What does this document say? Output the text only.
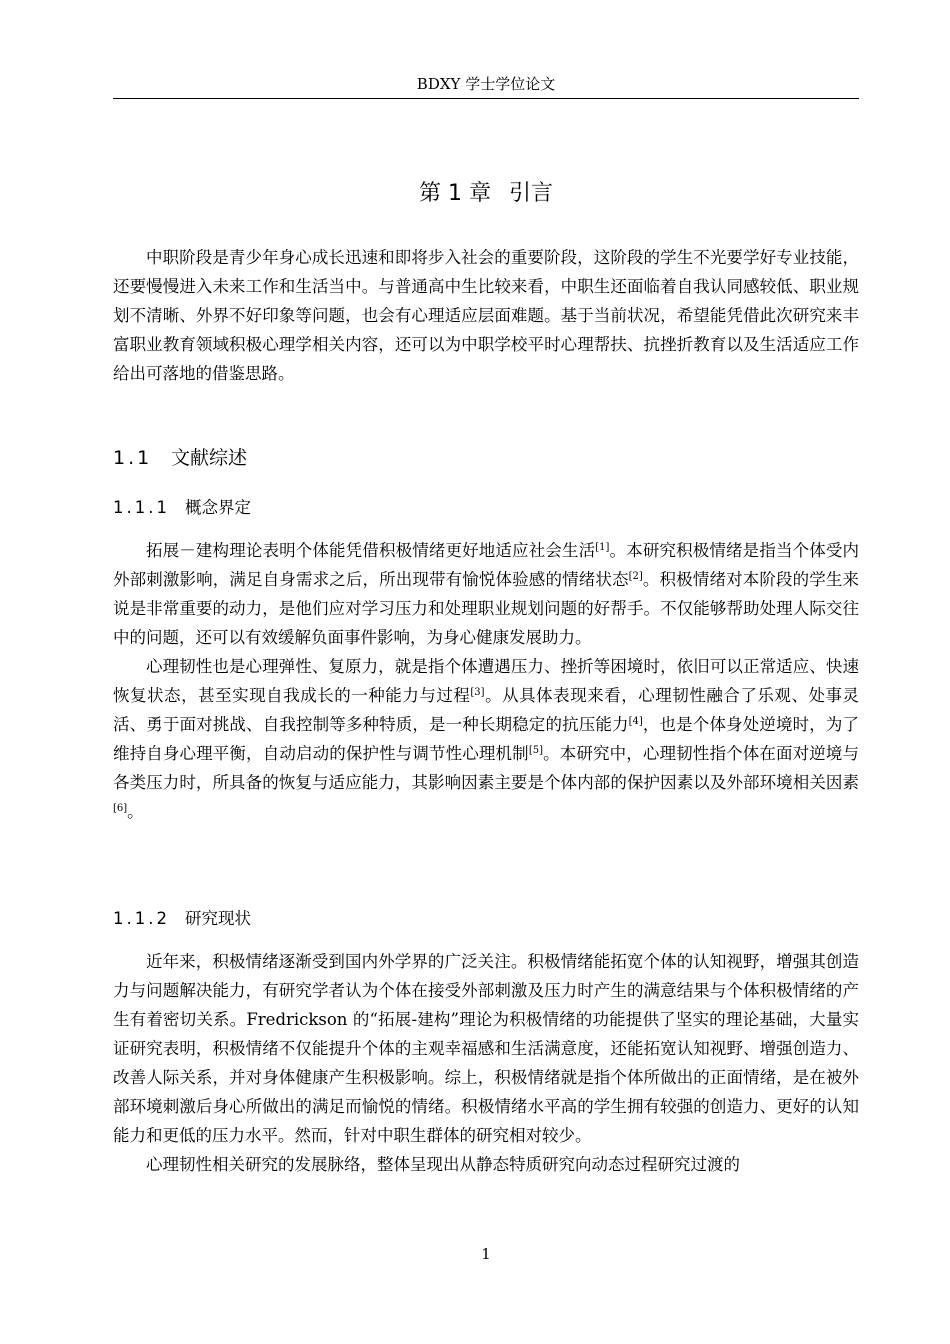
BDXY 学士学位论文
第 1 章 引言

中职阶段是青少年身心成长迅速和即将步入社会的重要阶段，这阶段的学生不光要学好专业技能，还要慢慢进入未来工作和生活当中。与普通高中生比较来看，中职生还面临着自我认同感较低、职业规划不清晰、外界不好印象等问题，也会有心理适应层面难题。基于当前状况，希望能凭借此次研究来丰富职业教育领域积极心理学相关内容，还可以为中职学校平时心理帮扶、抗挫折教育以及生活适应工作给出可落地的借鉴思路。

1.1 文献综述
1.1.1 概念界定

拓展－建构理论表明个体能凭借积极情绪更好地适应社会生活[1]。本研究积极情绪是指当个体受内外部刺激影响，满足自身需求之后，所出现带有愉悦体验感的情绪状态[2]。积极情绪对本阶段的学生来说是非常重要的动力，是他们应对学习压力和处理职业规划问题的好帮手。不仅能够帮助处理人际交往中的问题，还可以有效缓解负面事件影响，为身心健康发展助力。

心理韧性也是心理弹性、复原力，就是指个体遭遇压力、挫折等困境时，依旧可以正常适应、快速恢复状态，甚至实现自我成长的一种能力与过程[3]。从具体表现来看，心理韧性融合了乐观、处事灵活、勇于面对挑战、自我控制等多种特质，是一种长期稳定的抗压能力[4]，也是个体身处逆境时，为了维持自身心理平衡，自动启动的保护性与调节性心理机制[5]。本研究中，心理韧性指个体在面对逆境与各类压力时，所具备的恢复与适应能力，其影响因素主要是个体内部的保护因素以及外部环境相关因素[6]。

1.1.2 研究现状

近年来，积极情绪逐渐受到国内外学界的广泛关注。积极情绪能拓宽个体的认知视野，增强其创造力与问题解决能力，有研究学者认为个体在接受外部刺激及压力时产生的满意结果与个体积极情绪的产生有着密切关系。Fredrickson 的“拓展-建构”理论为积极情绪的功能提供了坚实的理论基础，大量实证研究表明，积极情绪不仅能提升个体的主观幸福感和生活满意度，还能拓宽认知视野、增强创造力、改善人际关系，并对身体健康产生积极影响。综上，积极情绪就是指个体所做出的正面情绪，是在被外部环境刺激后身心所做出的满足而愉悦的情绪。积极情绪水平高的学生拥有较强的创造力、更好的认知能力和更低的压力水平。然而，针对中职生群体的研究相对较少。

心理韧性相关研究的发展脉络，整体呈现出从静态特质研究向动态过程研究过渡的

1
